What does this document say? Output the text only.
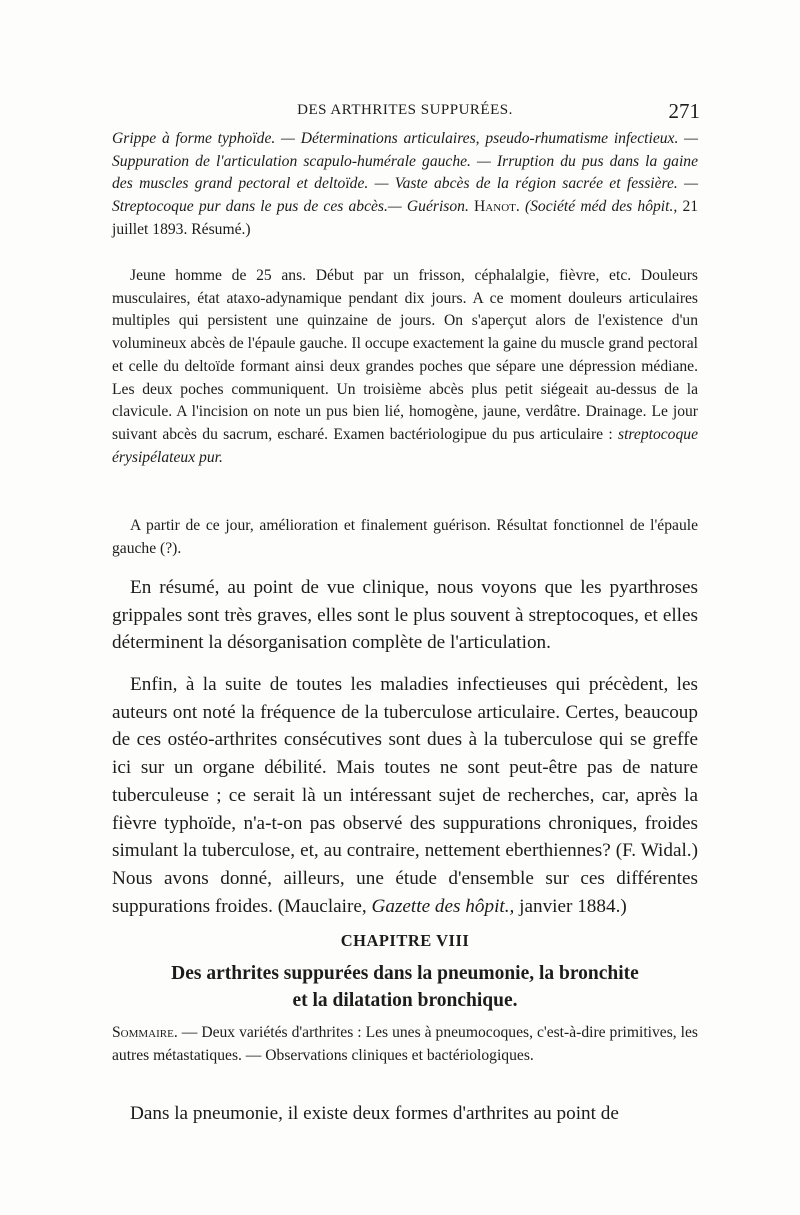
DES ARTHRITES SUPPURÉES.	271

Grippe à forme typhoïde. — Déterminations articulaires, pseudo-rhumatisme infectieux. — Suppuration de l'articulation scapulo-humérale gauche. — Irruption du pus dans la gaine des muscles grand pectoral et deltoïde. — Vaste abcès de la région sacrée et fessière. — Streptocoque pur dans le pus de ces abcès.— Guérison. Hanot. (Société méd des hôpit., 21 juillet 1893. Résumé.)

Jeune homme de 25 ans. Début par un frisson, céphalalgie, fièvre, etc. Douleurs musculaires, état ataxo-adynamique pendant dix jours. A ce moment douleurs articulaires multiples qui persistent une quinzaine de jours. On s'aperçut alors de l'existence d'un volumineux abcès de l'épaule gauche. Il occupe exactement la gaine du muscle grand pectoral et celle du deltoïde formant ainsi deux grandes poches que sépare une dépression médiane. Les deux poches communiquent. Un troisième abcès plus petit siégeait au-dessus de la clavicule. A l'incision on note un pus bien lié, homogène, jaune, verdâtre. Drainage. Le jour suivant abcès du sacrum, escharé. Examen bactériologipue du pus articulaire : streptocoque érysipélateux pur.

A partir de ce jour, amélioration et finalement guérison. Résultat fonctionnel de l'épaule gauche (?).

En résumé, au point de vue clinique, nous voyons que les pyarthroses grippales sont très graves, elles sont le plus souvent à streptocoques, et elles déterminent la désorganisation complète de l'articulation.

Enfin, à la suite de toutes les maladies infectieuses qui précèdent, les auteurs ont noté la fréquence de la tuberculose articulaire. Certes, beaucoup de ces ostéo-arthrites consécutives sont dues à la tuberculose qui se greffe ici sur un organe débilité. Mais toutes ne sont peut-être pas de nature tuberculeuse ; ce serait là un intéressant sujet de recherches, car, après la fièvre typhoïde, n'a-t-on pas observé des suppurations chroniques, froides simulant la tuberculose, et, au contraire, nettement eberthiennes? (F. Widal.) Nous avons donné, ailleurs, une étude d'ensemble sur ces différentes suppurations froides. (Mauclaire, Gazette des hôpit., janvier 1884.)

CHAPITRE VIII
Des arthrites suppurées dans la pneumonie, la bronchite
et la dilatation bronchique.

Sommaire. — Deux variétés d'arthrites : Les unes à pneumocoques, c'est-à-dire primitives, les autres métastatiques. — Observations cliniques et bactériologiques.

Dans la pneumonie, il existe deux formes d'arthrites au point de
